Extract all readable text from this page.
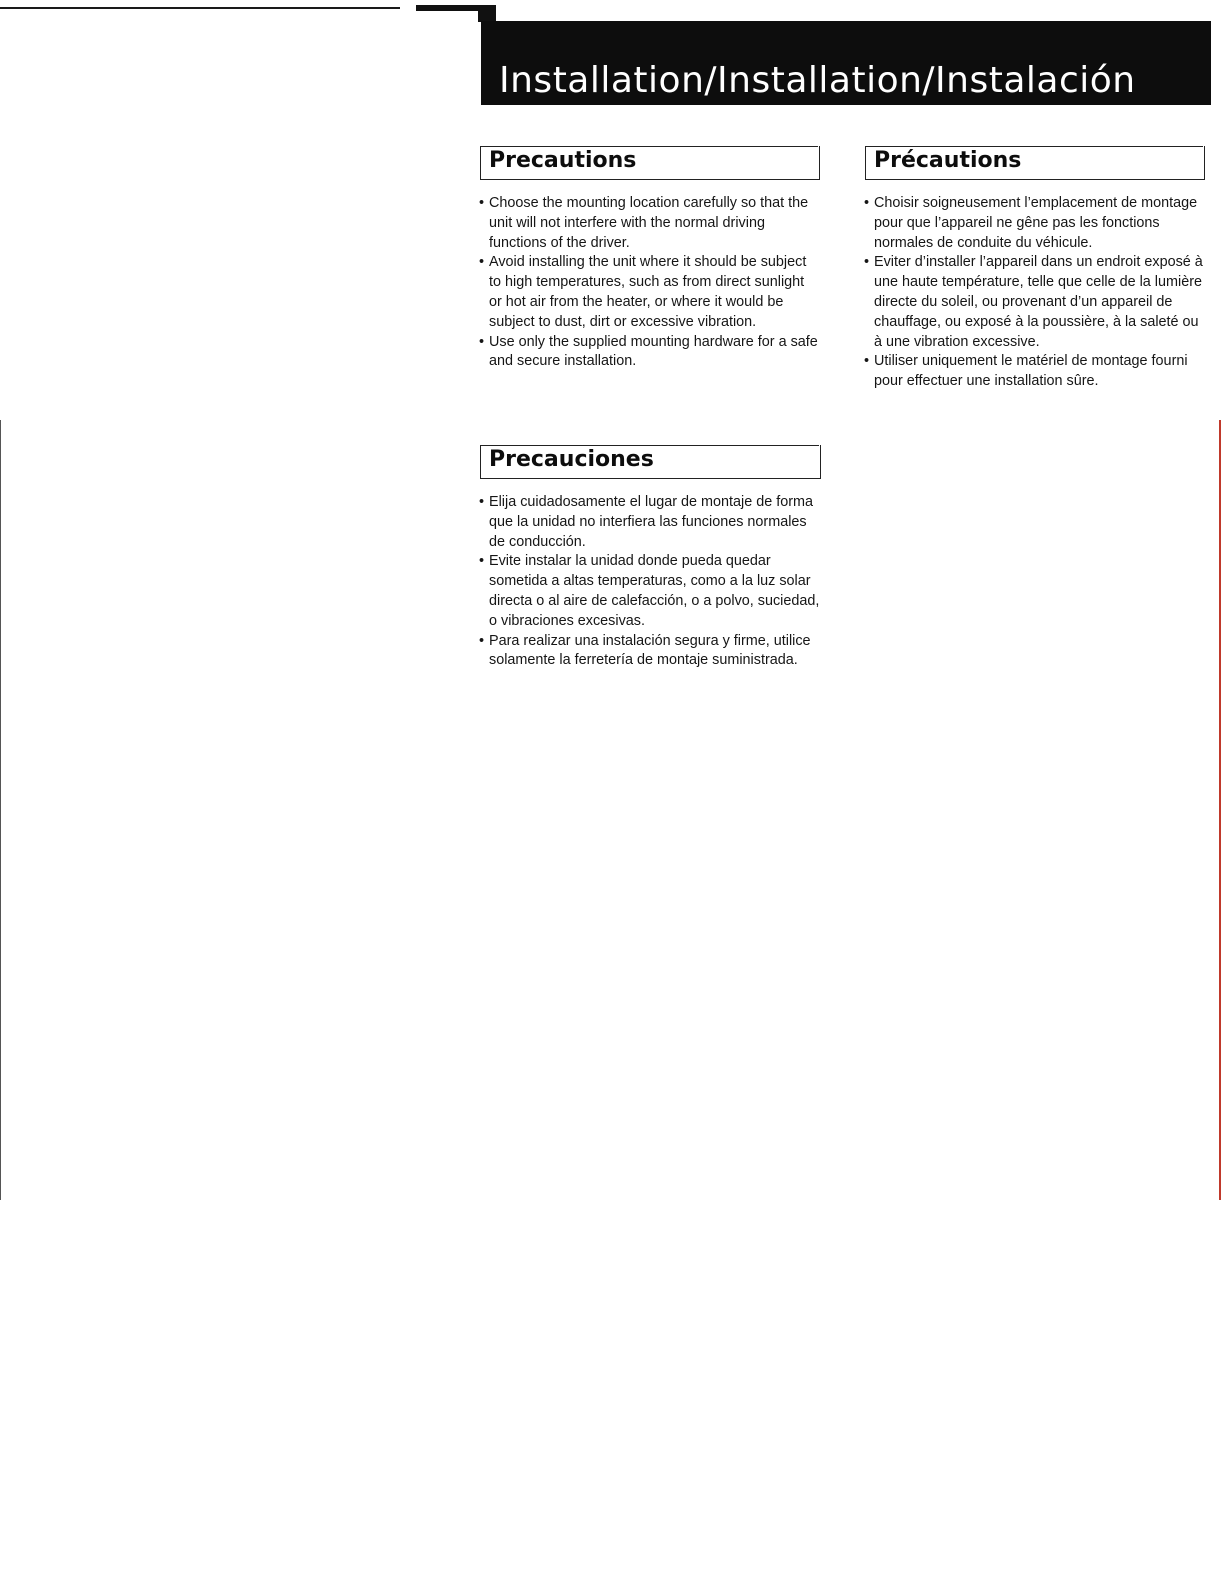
Installation/Installation/Instalación
Precautions
• Choose the mounting location carefully so that the unit will not interfere with the normal driving functions of the driver.
• Avoid installing the unit where it should be subject to high temperatures, such as from direct sunlight or hot air from the heater, or where it would be subject to dust, dirt or excessive vibration.
• Use only the supplied mounting hardware for a safe and secure installation.
Précautions
• Choisir soigneusement l’emplacement de montage pour que l’appareil ne gêne pas les fonctions normales de conduite du véhicule.
• Eviter d’installer l’appareil dans un endroit exposé à une haute température, telle que celle de la lumière directe du soleil, ou provenant d’un appareil de chauffage, ou exposé à la poussière, à la saleté ou à une vibration excessive.
• Utiliser uniquement le matériel de montage fourni pour effectuer une installation sûre.
Precauciones
• Elija cuidadosamente el lugar de montaje de forma que la unidad no interfiera las funciones normales de conducción.
• Evite instalar la unidad donde pueda quedar sometida a altas temperaturas, como a la luz solar directa o al aire de calefacción, o a polvo, suciedad, o vibraciones excesivas.
• Para realizar una instalación segura y firme, utilice solamente la ferretería de montaje suministrada.
